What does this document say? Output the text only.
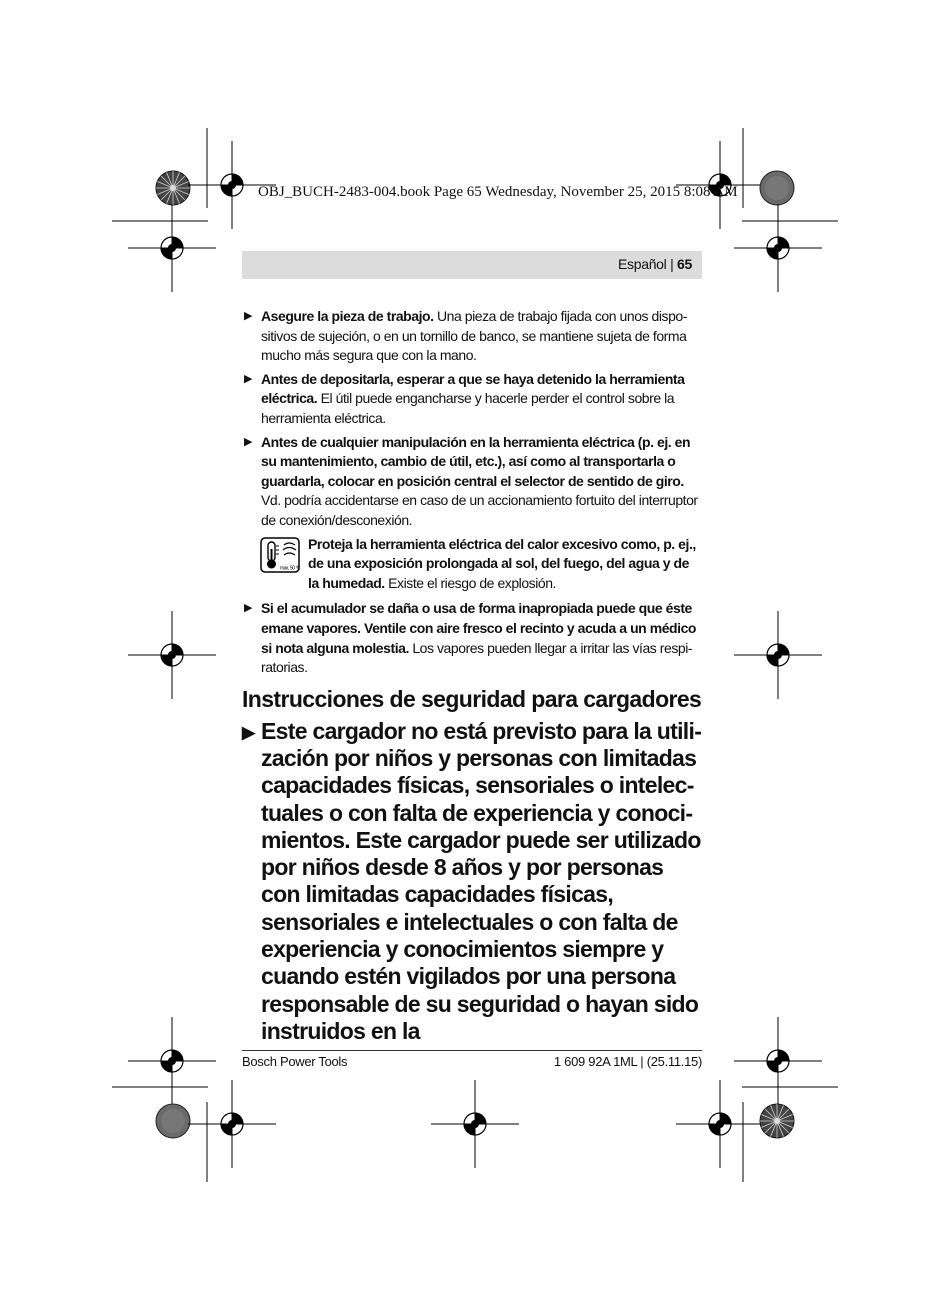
OBJ_BUCH-2483-004.book Page 65 Wednesday, November 25, 2015 8:08 AM
Español | 65
▶ Asegure la pieza de trabajo. Una pieza de trabajo fijada con unos dispositivos de sujeción, o en un tornillo de banco, se mantiene sujeta de forma mucho más segura que con la mano.
▶ Antes de depositarla, esperar a que se haya detenido la herramienta eléctrica. El útil puede engancharse y hacerle perder el control sobre la herramienta eléctrica.
▶ Antes de cualquier manipulación en la herramienta eléctrica (p. ej. en su mantenimiento, cambio de útil, etc.), así como al transportarla o guardarla, colocar en posición central el selector de sentido de giro. Vd. podría accidentarse en caso de un accionamiento fortuito del interruptor de conexión/desconexión.
max. 50 °C
Proteja la herramienta eléctrica del calor excesivo como, p. ej., de una exposición prolongada al sol, del fuego, del agua y de la humedad. Existe el riesgo de explosión.
▶ Si el acumulador se daña o usa de forma inapropiada puede que éste emane vapores. Ventile con aire fresco el recinto y acuda a un médico si nota alguna molestia. Los vapores pueden llegar a irritar las vías respiratorias.
Instrucciones de seguridad para cargadores
▶ Este cargador no está previsto para la utilización por niños y personas con limitadas capacidades físicas, sensoriales o intelectuales o con falta de experiencia y conocimientos. Este cargador puede ser utilizado por niños desde 8 años y por personas con limitadas capacidades físicas, sensoriales e intelectuales o con falta de experiencia y conocimientos siempre y cuando estén vigilados por una persona responsable de su seguridad o hayan sido instruidos en la
Bosch Power Tools	1 609 92A 1ML | (25.11.15)
